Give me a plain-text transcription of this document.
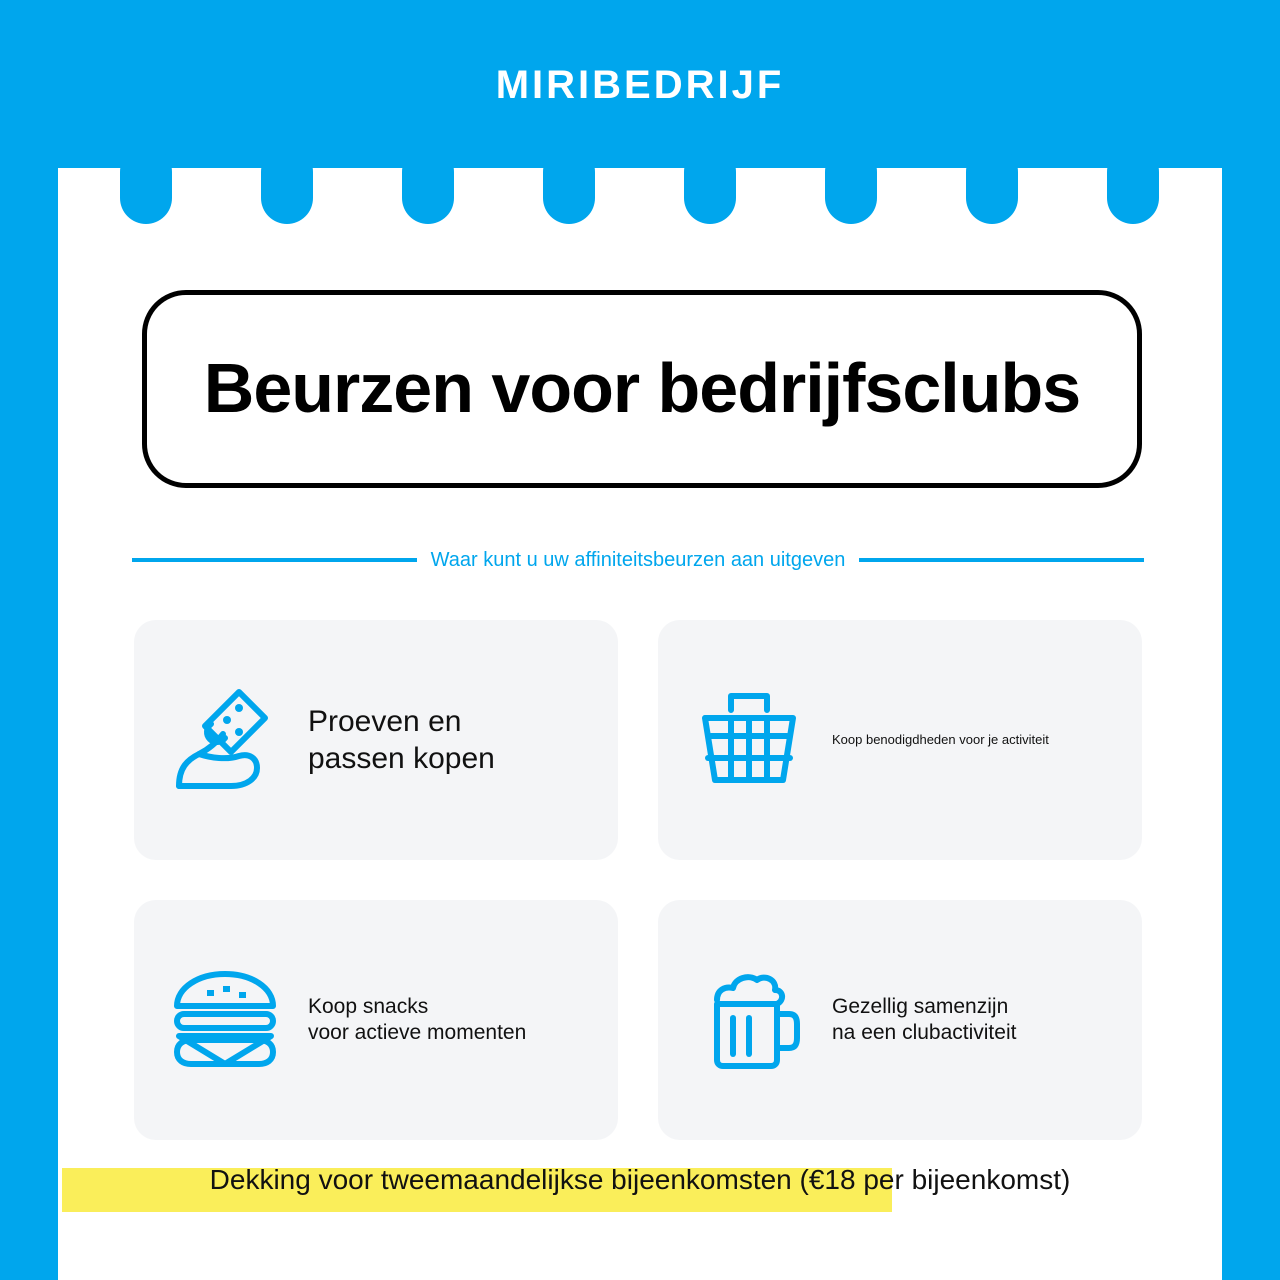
MIRIBEDRIJF
Beurzen voor bedrijfsclubs
Waar kunt u uw affiniteitsbeurzen aan uitgeven
Proeven en
passen kopen
Koop benodigdheden voor je activiteit
Koop snacks
voor actieve momenten
Gezellig samenzijn
na een clubactiviteit
Dekking voor tweemaandelijkse bijeenkomsten (€18 per bijeenkomst)
